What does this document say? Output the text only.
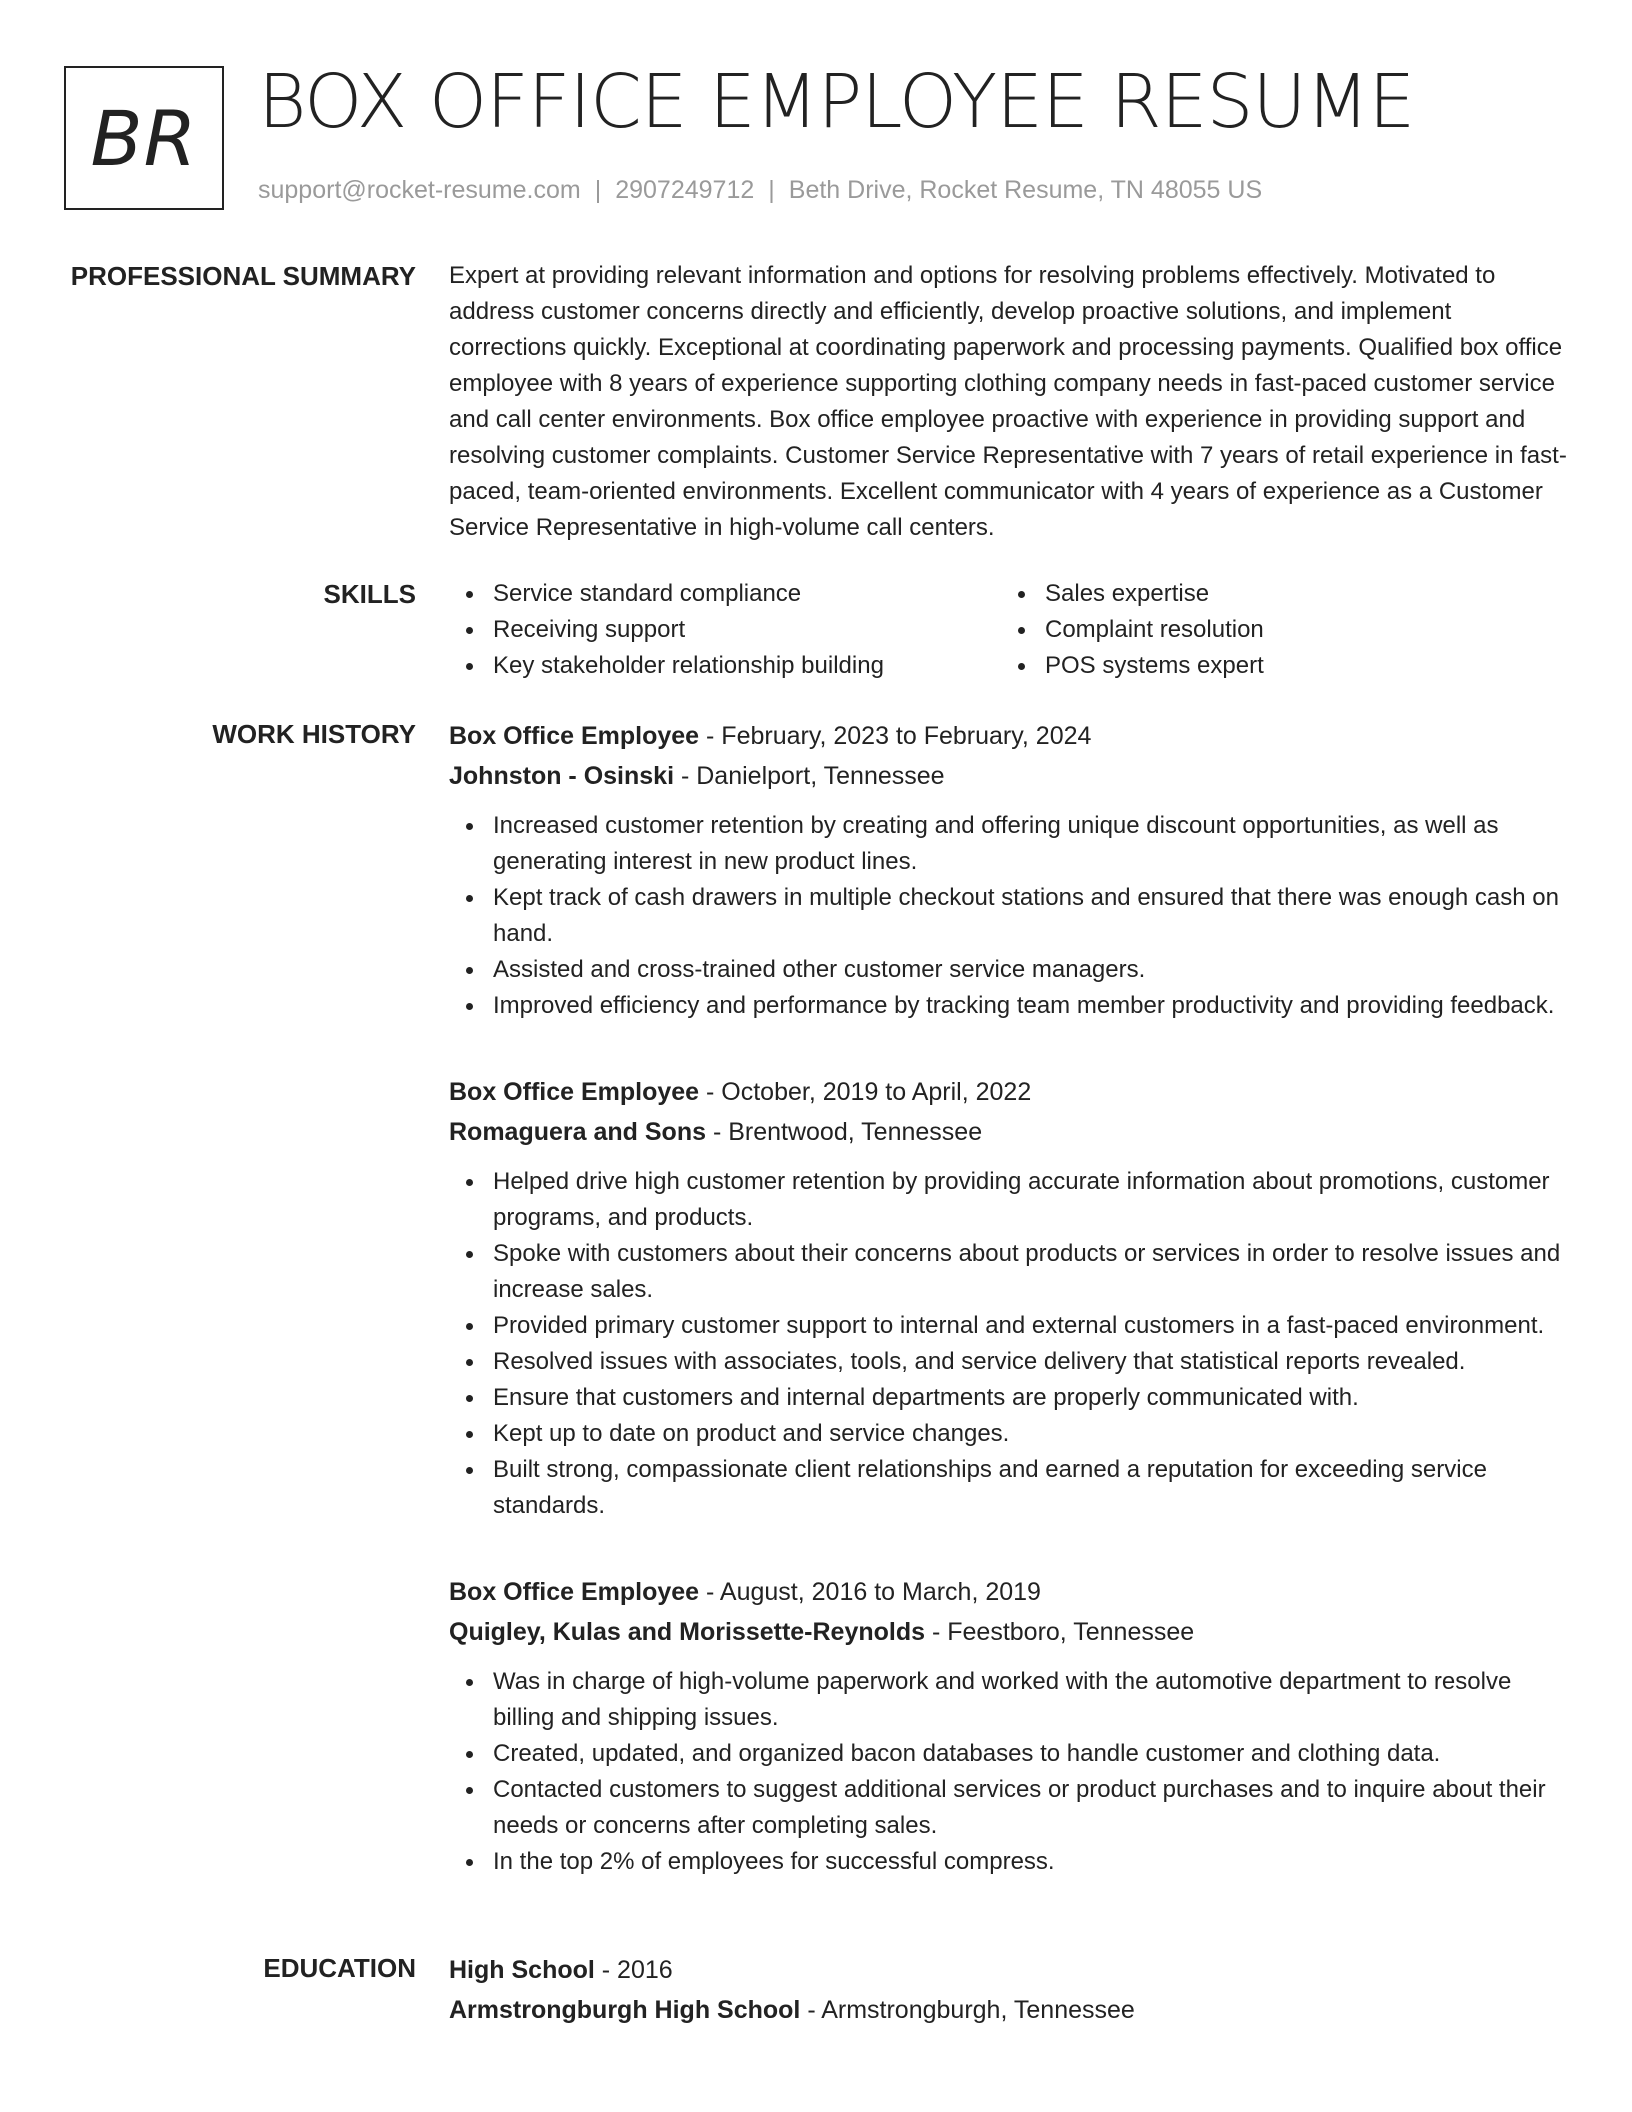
BR BOX OFFICE EMPLOYEE RESUME
support@rocket-resume.com | 2907249712 | Beth Drive, Rocket Resume, TN 48055 US
PROFESSIONAL SUMMARY Expert at providing relevant information and options for resolving problems effectively. Motivated to address customer concerns directly and efficiently, develop proactive solutions, and implement corrections quickly. Exceptional at coordinating paperwork and processing payments. Qualified box office employee with 8 years of experience supporting clothing company needs in fast-paced customer service and call center environments. Box office employee proactive with experience in providing support and resolving customer complaints. Customer Service Representative with 7 years of retail experience in fast-paced, team-oriented environments. Excellent communicator with 4 years of experience as a Customer Service Representative in high-volume call centers.

SKILLS	Service standard compliance
Receiving support
Key stakeholder relationship building
Sales expertise
Complaint resolution
POS systems expert
WORK HISTORY Box Office Employee - February, 2023 to February, 2024
Johnston - Osinski - Danielport, Tennessee
Increased customer retention by creating and offering unique discount opportunities, as well as generating interest in new product lines.
Kept track of cash drawers in multiple checkout stations and ensured that there was enough cash on hand.
Assisted and cross-trained other customer service managers.
Improved efficiency and performance by tracking team member productivity and providing feedback.
Box Office Employee - October, 2019 to April, 2022
Romaguera and Sons - Brentwood, Tennessee
Helped drive high customer retention by providing accurate information about promotions, customer programs, and products.
Spoke with customers about their concerns about products or services in order to resolve issues and increase sales.
Provided primary customer support to internal and external customers in a fast-paced environment.
Resolved issues with associates, tools, and service delivery that statistical reports revealed.
Ensure that customers and internal departments are properly communicated with.
Kept up to date on product and service changes.
Built strong, compassionate client relationships and earned a reputation for exceeding service standards.
Box Office Employee - August, 2016 to March, 2019
Quigley, Kulas and Morissette-Reynolds - Feestboro, Tennessee
Was in charge of high-volume paperwork and worked with the automotive department to resolve billing and shipping issues.
Created, updated, and organized bacon databases to handle customer and clothing data.
Contacted customers to suggest additional services or product purchases and to inquire about their needs or concerns after completing sales.
In the top 2% of employees for successful compress.
EDUCATION High School - 2016
Armstrongburgh High School - Armstrongburgh, Tennessee
